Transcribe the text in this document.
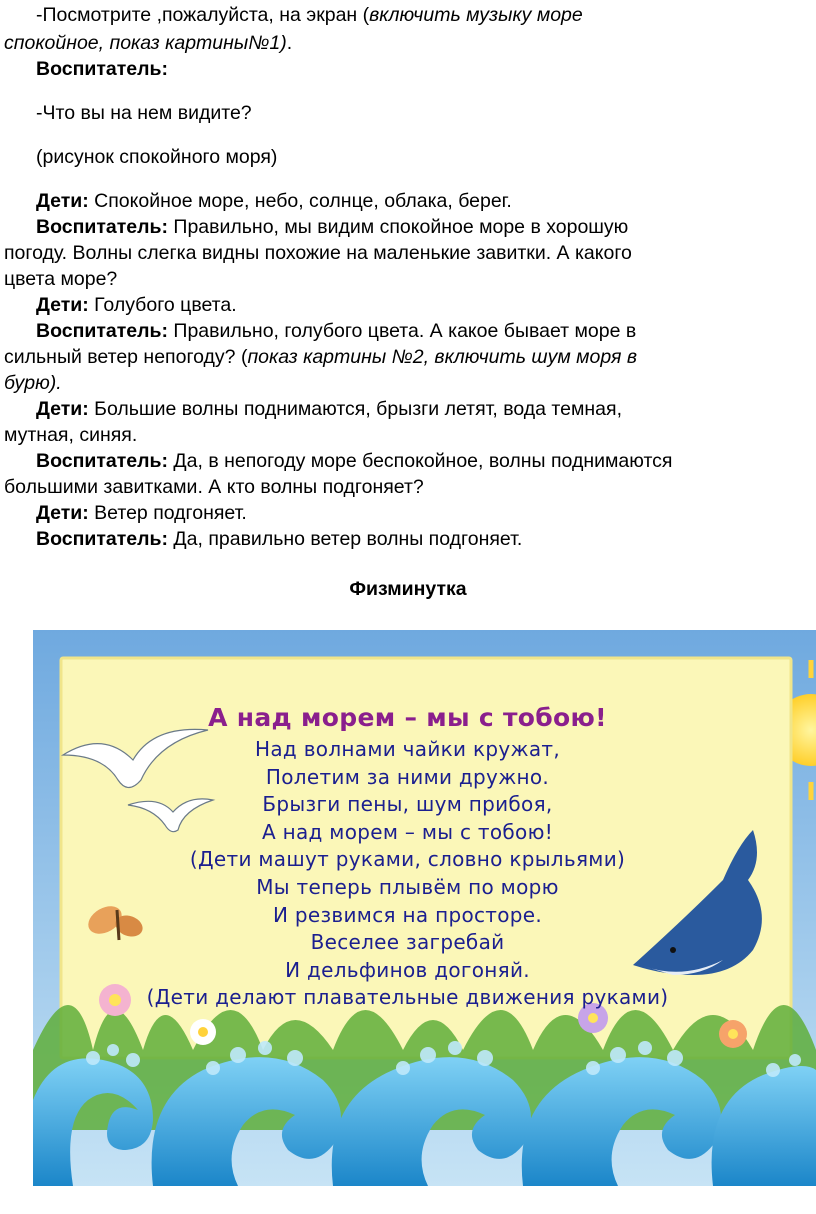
-Посмотрите ,пожалуйста, на экран (включить музыку море
спокойное, показ картины№1).
Воспитатель:
-Что вы на нем видите?
(рисунок спокойного моря)
Дети: Спокойное море, небо, солнце, облака, берег.
Воспитатель: Правильно, мы видим спокойное море в хорошую
погоду. Волны слегка видны похожие на маленькие завитки. А какого
цвета море?
Дети: Голубого цвета.
Воспитатель: Правильно, голубого цвета. А какое бывает море в
сильный ветер непогоду? (показ картины №2, включить шум моря в
бурю).
Дети: Большие волны поднимаются, брызги летят, вода темная,
мутная, синяя.
Воспитатель: Да, в непогоду море беспокойное, волны поднимаются
большими завитками. А кто волны подгоняет?
Дети: Ветер подгоняет.
Воспитатель: Да, правильно ветер волны подгоняет.
Физминутка
А над морем – мы с тобою!
Над волнами чайки кружат,
Полетим за ними дружно.
Брызги пены, шум прибоя,
А над морем – мы с тобою!
(Дети машут руками, словно крыльями)
Мы теперь плывём по морю
И резвимся на просторе.
Веселее загребай
И дельфинов догоняй.
(Дети делают плавательные движения руками)
